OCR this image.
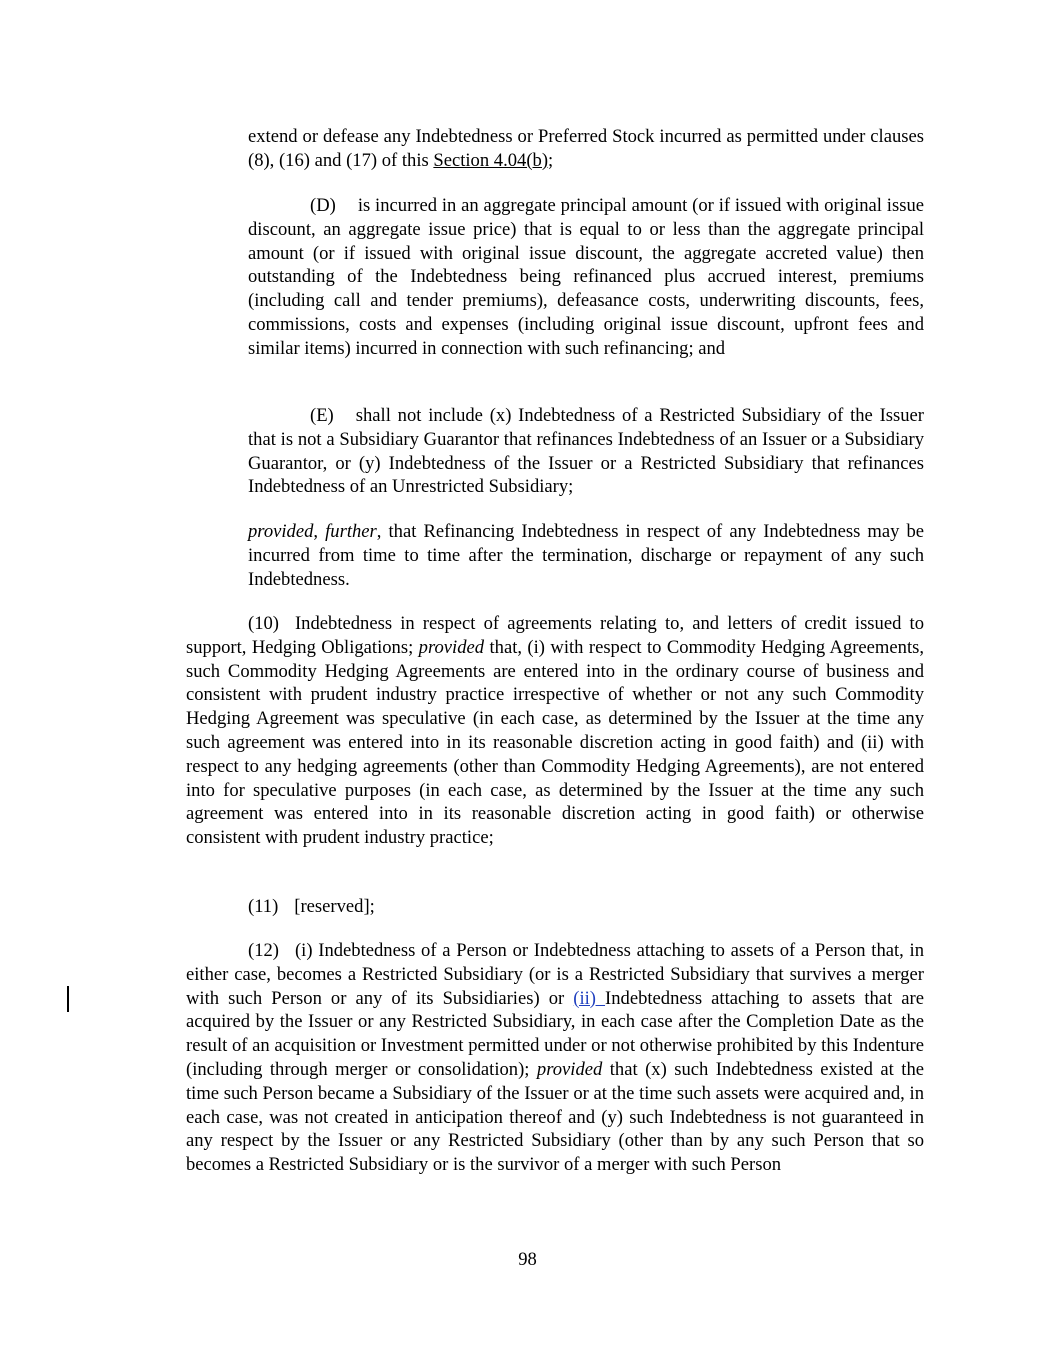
extend or defease any Indebtedness or Preferred Stock incurred as permitted under clauses (8), (16) and (17) of this Section 4.04(b);

(D) is incurred in an aggregate principal amount (or if issued with original issue discount, an aggregate issue price) that is equal to or less than the aggregate principal amount (or if issued with original issue discount, the aggregate accreted value) then outstanding of the Indebtedness being refinanced plus accrued interest, premiums (including call and tender premiums), defeasance costs, underwriting discounts, fees, commissions, costs and expenses (including original issue discount, upfront fees and similar items) incurred in connection with such refinancing; and

(E) shall not include (x) Indebtedness of a Restricted Subsidiary of the Issuer that is not a Subsidiary Guarantor that refinances Indebtedness of an Issuer or a Subsidiary Guarantor, or (y) Indebtedness of the Issuer or a Restricted Subsidiary that refinances Indebtedness of an Unrestricted Subsidiary;

provided, further, that Refinancing Indebtedness in respect of any Indebtedness may be incurred from time to time after the termination, discharge or repayment of any such Indebtedness.

(10) Indebtedness in respect of agreements relating to, and letters of credit issued to support, Hedging Obligations; provided that, (i) with respect to Commodity Hedging Agreements, such Commodity Hedging Agreements are entered into in the ordinary course of business and consistent with prudent industry practice irrespective of whether or not any such Commodity Hedging Agreement was speculative (in each case, as determined by the Issuer at the time any such agreement was entered into in its reasonable discretion acting in good faith) and (ii) with respect to any hedging agreements (other than Commodity Hedging Agreements), are not entered into for speculative purposes (in each case, as determined by the Issuer at the time any such agreement was entered into in its reasonable discretion acting in good faith) or otherwise consistent with prudent industry practice;

(11) [reserved];

(12) (i) Indebtedness of a Person or Indebtedness attaching to assets of a Person that, in either case, becomes a Restricted Subsidiary (or is a Restricted Subsidiary that survives a merger with such Person or any of its Subsidiaries) or (ii) Indebtedness attaching to assets that are acquired by the Issuer or any Restricted Subsidiary, in each case after the Completion Date as the result of an acquisition or Investment permitted under or not otherwise prohibited by this Indenture (including through merger or consolidation); provided that (x) such Indebtedness existed at the time such Person became a Subsidiary of the Issuer or at the time such assets were acquired and, in each case, was not created in anticipation thereof and (y) such Indebtedness is not guaranteed in any respect by the Issuer or any Restricted Subsidiary (other than by any such Person that so becomes a Restricted Subsidiary or is the survivor of a merger with such Person

98
